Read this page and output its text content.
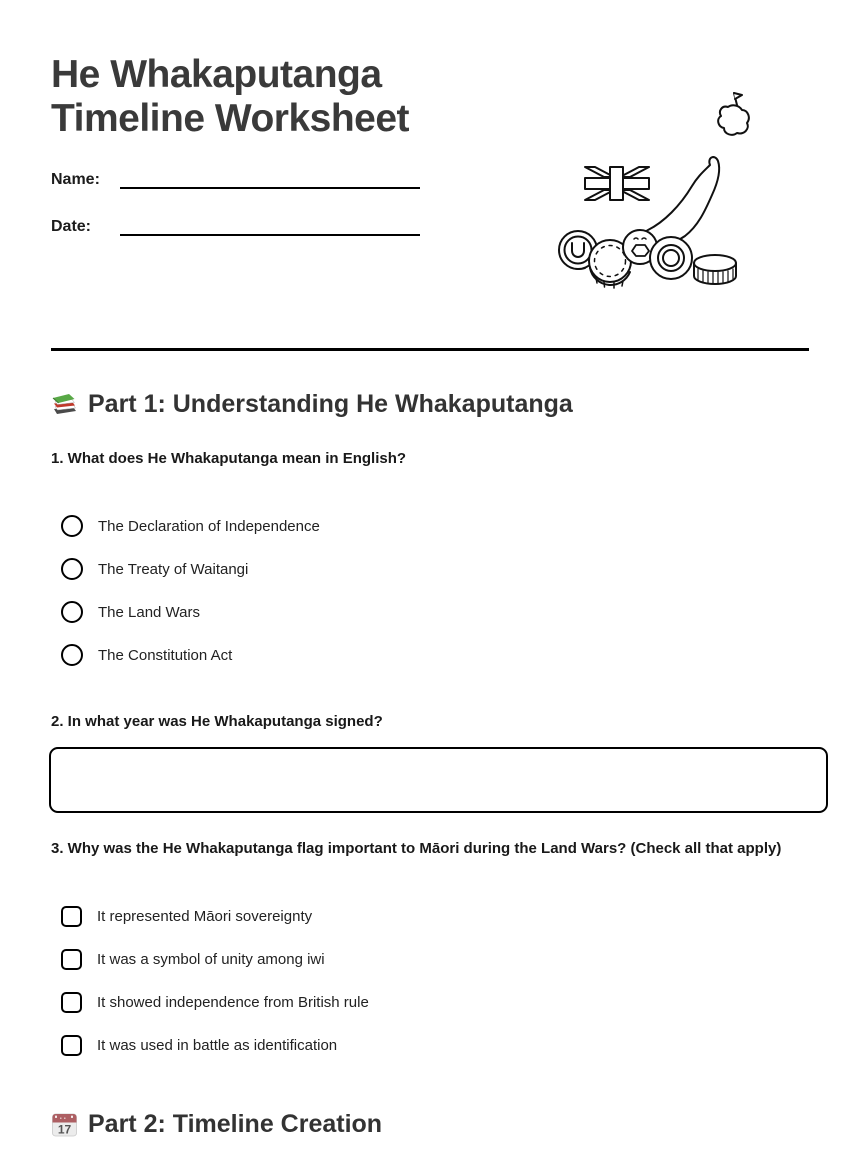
He Whakaputanga
Timeline Worksheet
Name:
Date:
Part 1: Understanding He Whakaputanga
1. What does He Whakaputanga mean in English?
The Declaration of Independence
The Treaty of Waitangi
The Land Wars
The Constitution Act
2. In what year was He Whakaputanga signed?
3. Why was the He Whakaputanga flag important to Māori during the Land Wars? (Check all that apply)
It represented Māori sovereignty
It was a symbol of unity among iwi
It showed independence from British rule
It was used in battle as identification
17 Part 2: Timeline Creation
